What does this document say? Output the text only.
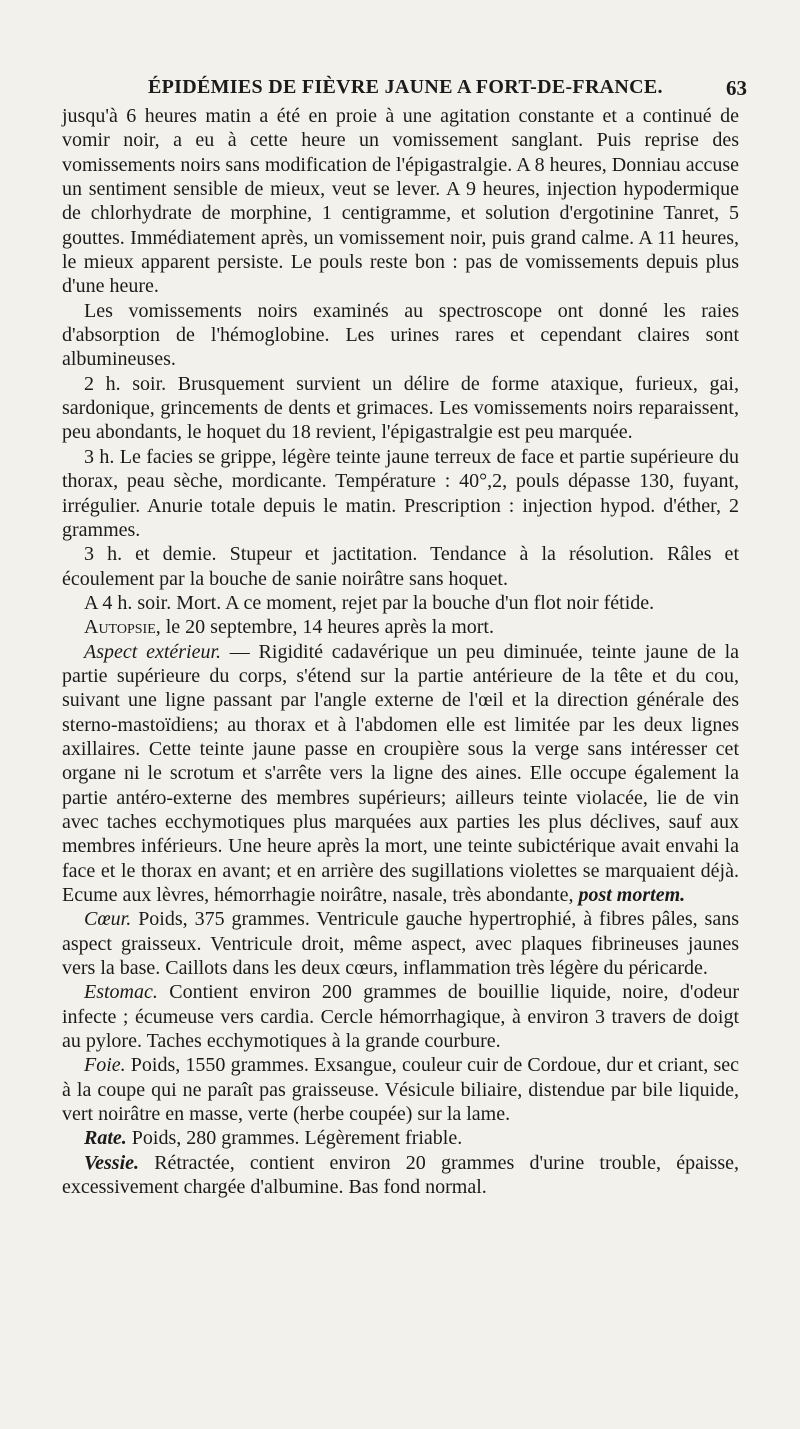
ÉPIDÉMIES DE FIÈVRE JAUNE A FORT-DE-FRANCE.	63

jusqu'à 6 heures matin a été en proie à une agitation constante et a continué de vomir noir, a eu à cette heure un vomissement sanglant. Puis reprise des vomissements noirs sans modification de l'épigastralgie. A 8 heures, Donniau accuse un sentiment sensible de mieux, veut se lever. A 9 heures, injection hypodermique de chlorhydrate de morphine, 1 centigramme, et solution d'ergotinine Tanret, 5 gouttes. Immédiatement après, un vomissement noir, puis grand calme. A 11 heures, le mieux apparent persiste. Le pouls reste bon : pas de vomissements depuis plus d'une heure.

Les vomissements noirs examinés au spectroscope ont donné les raies d'absorption de l'hémoglobine. Les urines rares et cependant claires sont albumineuses.

2 h. soir. Brusquement survient un délire de forme ataxique, furieux, gai, sardonique, grincements de dents et grimaces. Les vomissements noirs reparaissent, peu abondants, le hoquet du 18 revient, l'épigastralgie est peu marquée.

3 h. Le facies se grippe, légère teinte jaune terreux de face et partie supérieure du thorax, peau sèche, mordicante. Température : 40°,2, pouls dépasse 130, fuyant, irrégulier. Anurie totale depuis le matin. Prescription : injection hypod. d'éther, 2 grammes.

3 h. et demie. Stupeur et jactitation. Tendance à la résolution. Râles et écoulement par la bouche de sanie noirâtre sans hoquet.

A 4 h. soir. Mort. A ce moment, rejet par la bouche d'un flot noir fétide.

Autopsie, le 20 septembre, 14 heures après la mort.

Aspect extérieur. — Rigidité cadavérique un peu diminuée, teinte jaune de la partie supérieure du corps, s'étend sur la partie antérieure de la tête et du cou, suivant une ligne passant par l'angle externe de l'œil et la direction générale des sterno-mastoïdiens; au thorax et à l'abdomen elle est limitée par les deux lignes axillaires. Cette teinte jaune passe en croupière sous la verge sans intéresser cet organe ni le scrotum et s'arrête vers la ligne des aines. Elle occupe également la partie antéro-externe des membres supérieurs; ailleurs teinte violacée, lie de vin avec taches ecchymotiques plus marquées aux parties les plus déclives, sauf aux membres inférieurs. Une heure après la mort, une teinte subictérique avait envahi la face et le thorax en avant; et en arrière des sugillations violettes se marquaient déjà. Ecume aux lèvres, hémorrhagie noirâtre, nasale, très abondante, post mortem.

Cœur. Poids, 375 grammes. Ventricule gauche hypertrophié, à fibres pâles, sans aspect graisseux. Ventricule droit, même aspect, avec plaques fibrineuses jaunes vers la base. Caillots dans les deux cœurs, inflammation très légère du péricarde.

Estomac. Contient environ 200 grammes de bouillie liquide, noire, d'odeur infecte ; écumeuse vers cardia. Cercle hémorrhagique, à environ 3 travers de doigt au pylore. Taches ecchymotiques à la grande courbure.

Foie. Poids, 1550 grammes. Exsangue, couleur cuir de Cordoue, dur et criant, sec à la coupe qui ne paraît pas graisseuse. Vésicule biliaire, distendue par bile liquide, vert noirâtre en masse, verte (herbe coupée) sur la lame.

Rate. Poids, 280 grammes. Légèrement friable.

Vessie. Rétractée, contient environ 20 grammes d'urine trouble, épaisse, excessivement chargée d'albumine. Bas fond normal.
